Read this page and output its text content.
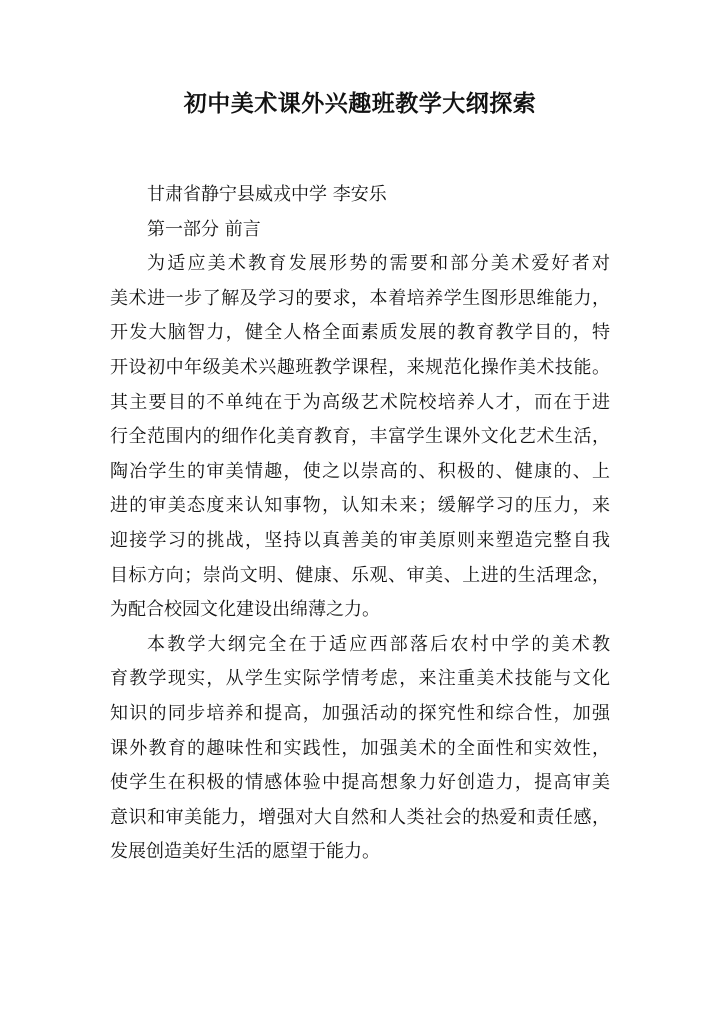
初中美术课外兴趣班教学大纲探索
甘肃省静宁县威戎中学 李安乐
第一部分 前言
为适应美术教育发展形势的需要和部分美术爱好者对
美术进一步了解及学习的要求，本着培养学生图形思维能力，
开发大脑智力，健全人格全面素质发展的教育教学目的，特
开设初中年级美术兴趣班教学课程，来规范化操作美术技能。
其主要目的不单纯在于为高级艺术院校培养人才，而在于进
行全范围内的细作化美育教育，丰富学生课外文化艺术生活，
陶冶学生的审美情趣，使之以崇高的、积极的、健康的、上
进的审美态度来认知事物，认知未来；缓解学习的压力，来
迎接学习的挑战，坚持以真善美的审美原则来塑造完整自我
目标方向；崇尚文明、健康、乐观、审美、上进的生活理念，
为配合校园文化建设出绵薄之力。
本教学大纲完全在于适应西部落后农村中学的美术教
育教学现实，从学生实际学情考虑，来注重美术技能与文化
知识的同步培养和提高，加强活动的探究性和综合性，加强
课外教育的趣味性和实践性，加强美术的全面性和实效性，
使学生在积极的情感体验中提高想象力好创造力，提高审美
意识和审美能力，增强对大自然和人类社会的热爱和责任感，
发展创造美好生活的愿望于能力。
